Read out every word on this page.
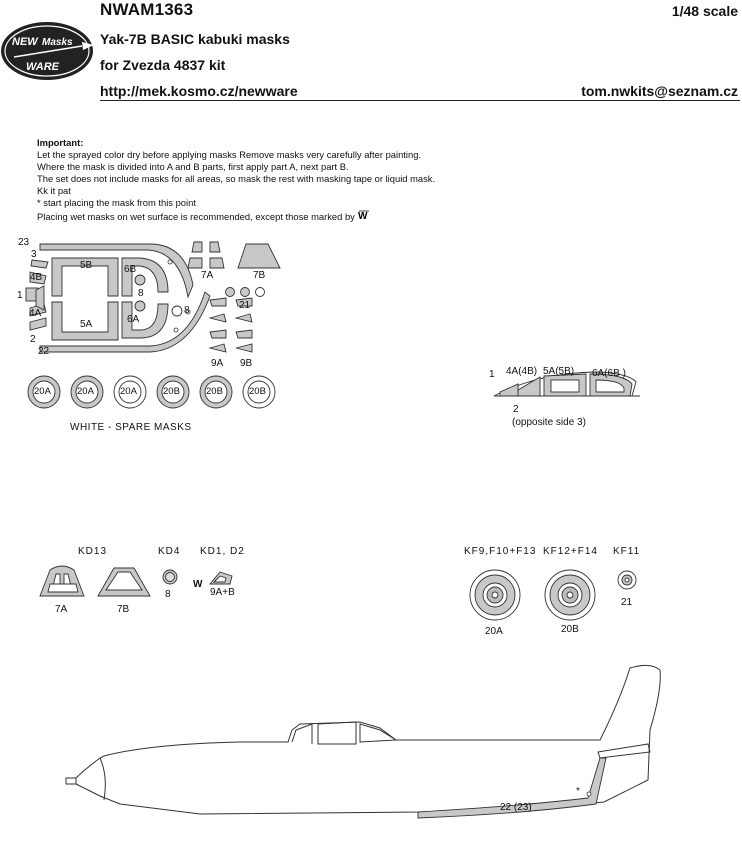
NEW Masks
WARE
NWAM1363	1/48 scale
Yak-7B BASIC kabuki masks
for Zvezda 4837 kit
http://mek.kosmo.cz/newware	tom.nwkits@seznam.cz
Important:
Let the sprayed color dry before applying masks Remove masks very carefully after painting.
Where the mask is divided into A and B parts, first apply part A, next part B.
The set does not include masks for all areas, so mask the rest with masking tape or liquid mask.
Kk it pat
* start placing the mask from this point
Placing wet masks on wet surface is recommended, except those marked by W
23
3
4B
1
4A
2
22
5B
5A
6B
6A
8
8
7A	7B
21
9A 9B
20A	20A	20A	20B	20B	20B
WHITE - SPARE MASKS
1 4A(4B) 5A(5B) 6A(6B )
2
(opposite side 3)
KD13	KD4 KD1, D2
7A	7B
8
W
9A+B
KF9,F10+F13 KF12+F14 KF11
20A	20B
21
22 (23)
*
